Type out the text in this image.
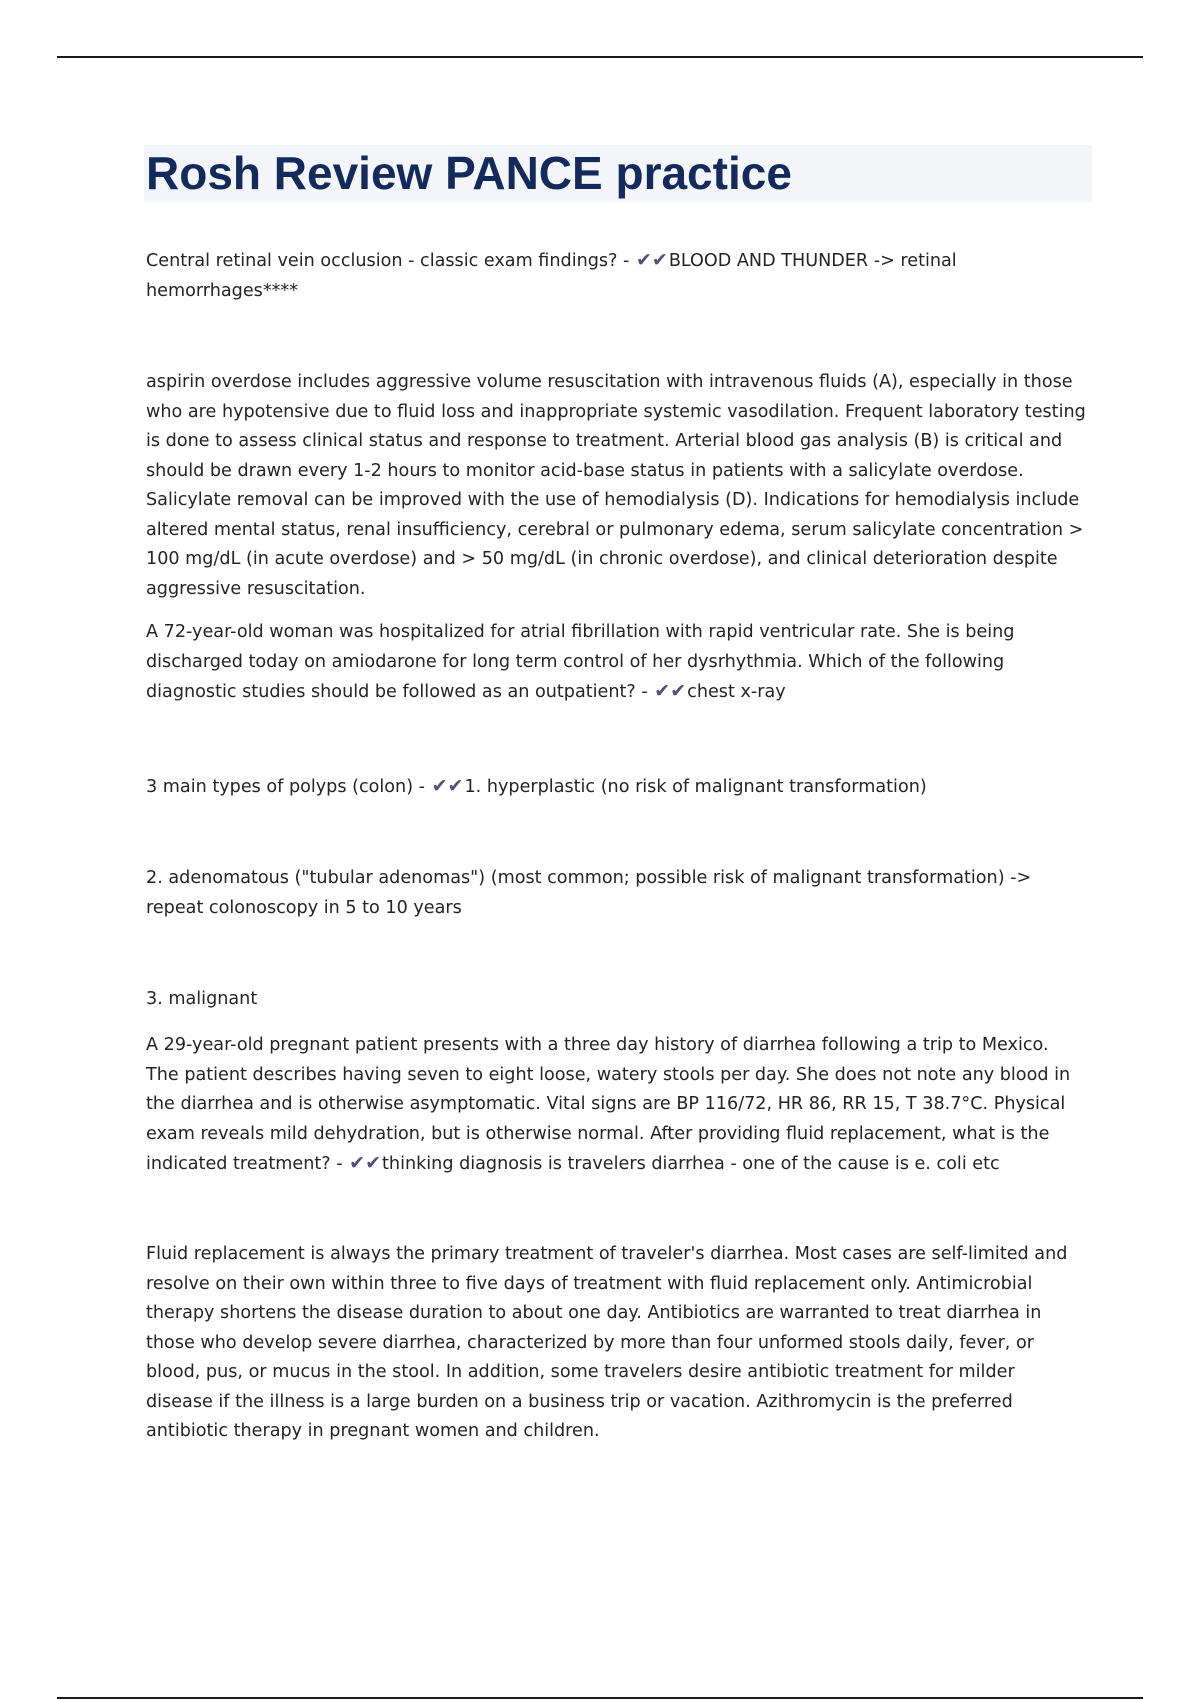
Rosh Review PANCE practice

Central retinal vein occlusion - classic exam findings? - ✔✔BLOOD AND THUNDER -> retinal hemorrhages****

aspirin overdose includes aggressive volume resuscitation with intravenous fluids (A), especially in those who are hypotensive due to fluid loss and inappropriate systemic vasodilation. Frequent laboratory testing is done to assess clinical status and response to treatment. Arterial blood gas analysis (B) is critical and should be drawn every 1-2 hours to monitor acid-base status in patients with a salicylate overdose. Salicylate removal can be improved with the use of hemodialysis (D). Indications for hemodialysis include altered mental status, renal insufficiency, cerebral or pulmonary edema, serum salicylate concentration > 100 mg/dL (in acute overdose) and > 50 mg/dL (in chronic overdose), and clinical deterioration despite aggressive resuscitation.

A 72-year-old woman was hospitalized for atrial fibrillation with rapid ventricular rate. She is being discharged today on amiodarone for long term control of her dysrhythmia. Which of the following diagnostic studies should be followed as an outpatient? - ✔✔chest x-ray

3 main types of polyps (colon) - ✔✔1. hyperplastic (no risk of malignant transformation)

2. adenomatous ("tubular adenomas") (most common; possible risk of malignant transformation) -> repeat colonoscopy in 5 to 10 years

3. malignant

A 29-year-old pregnant patient presents with a three day history of diarrhea following a trip to Mexico. The patient describes having seven to eight loose, watery stools per day. She does not note any blood in the diarrhea and is otherwise asymptomatic. Vital signs are BP 116/72, HR 86, RR 15, T 38.7°C. Physical exam reveals mild dehydration, but is otherwise normal. After providing fluid replacement, what is the indicated treatment? - ✔✔thinking diagnosis is travelers diarrhea - one of the cause is e. coli etc

Fluid replacement is always the primary treatment of traveler's diarrhea. Most cases are self-limited and resolve on their own within three to five days of treatment with fluid replacement only. Antimicrobial therapy shortens the disease duration to about one day. Antibiotics are warranted to treat diarrhea in those who develop severe diarrhea, characterized by more than four unformed stools daily, fever, or blood, pus, or mucus in the stool. In addition, some travelers desire antibiotic treatment for milder disease if the illness is a large burden on a business trip or vacation. Azithromycin is the preferred antibiotic therapy in pregnant women and children.
